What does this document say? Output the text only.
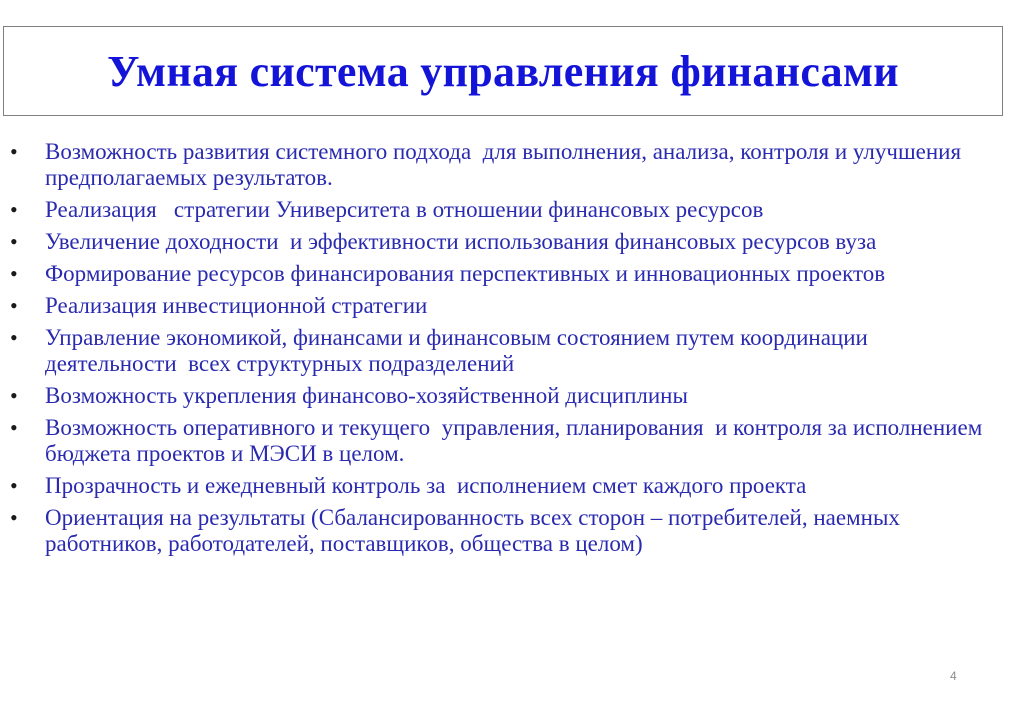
Умная система управления финансами
•	Возможность развития системного подхода  для выполнения, анализа, контроля и улучшения предполагаемых результатов.
•	Реализация   стратегии Университета в отношении финансовых ресурсов
•	Увеличение доходности  и эффективности использования финансовых ресурсов вуза
•	Формирование ресурсов финансирования перспективных и инновационных проектов
•	Реализация инвестиционной стратегии
•	Управление экономикой, финансами и финансовым состоянием путем координации деятельности  всех структурных подразделений
•	Возможность укрепления финансово-хозяйственной дисциплины
•	Возможность оперативного и текущего  управления, планирования  и контроля за исполнением бюджета проектов и МЭСИ в целом.
•	Прозрачность и ежедневный контроль за  исполнением смет каждого проекта
•	Ориентация на результаты (Сбалансированность всех сторон – потребителей, наемных работников, работодателей, поставщиков, общества в целом)
4
